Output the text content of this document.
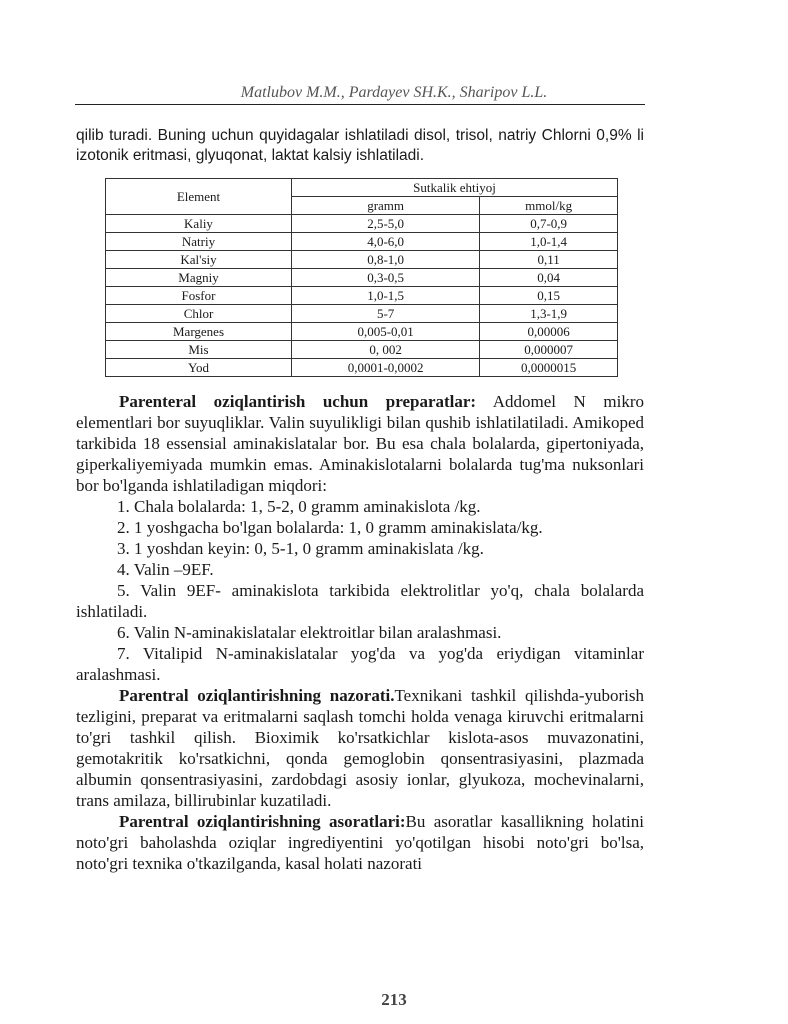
Matlubov M.M., Pardayev SH.K., Sharipov L.L.

qilib turadi. Buning uchun quyidagalar ishlatiladi disol, trisol, natriy Chlorni 0,9% li izotonik eritmasi, glyuqonat, laktat kalsiy ishlatiladi.

Element	Sutkalik ehtiyoj	
	gramm	mmol/kg
Kaliy	2,5-5,0	0,7-0,9
Natriy	4,0-6,0	1,0-1,4
Kal'siy	0,8-1,0	0,11
Magniy	0,3-0,5	0,04
Fosfor	1,0-1,5	0,15
Chlor	5-7	1,3-1,9
Margenes	0,005-0,01	0,00006
Mis	0, 002	0,000007
Yod	0,0001-0,0002	0,0000015

Parenteral oziqlantirish uchun preparatlar: Addomel N mikro elementlari bor suyuqliklar. Valin suyulikligi bilan qushib ishlatilatiladi. Amikoped tarkibida 18 essensial aminakislatalar bor. Bu esa chala bolalarda, gipertoniyada, giperkaliyemiyada mumkin emas. Aminakislotalarni bolalarda tug'ma nuksonlari bor bo'lganda ishlatiladigan miqdori:

1. Chala bolalarda: 1, 5-2, 0 gramm aminakislota /kg.
2. 1 yoshgacha bo'lgan bolalarda: 1, 0 gramm aminakislata/kg.
3. 1 yoshdan keyin: 0, 5-1, 0 gramm aminakislata /kg.
4. Valin –9EF.
5. Valin 9EF- aminakislota tarkibida elektrolitlar yo'q, chala bolalarda ishlatiladi.
6. Valin N-aminakislatalar elektroitlar bilan aralashmasi.
7. Vitalipid N-aminakislatalar yog'da va yog'da eriydigan vitaminlar aralashmasi.

Parentral oziqlantirishning nazorati.Texnikani tashkil qilishda-yuborish tezligini, preparat va eritmalarni saqlash tomchi holda venaga kiruvchi eritmalarni to'gri tashkil qilish. Bioximik ko'rsatkichlar kislota-asos muvazonatini, gemotakritik ko'rsatkichni, qonda gemoglobin qonsentrasiyasini, plazmada albumin qonsentrasiyasini, zardobdagi asosiy ionlar, glyukoza, mochevinalarni, trans amilaza, billirubinlar kuzatiladi.

Parentral oziqlantirishning asoratlari:Bu asoratlar kasallikning holatini noto'gri baholashda oziqlar ingrediyentini yo'qotilgan hisobi noto'gri bo'lsa, noto'gri texnika o'tkazilganda, kasal holati nazorati

213
